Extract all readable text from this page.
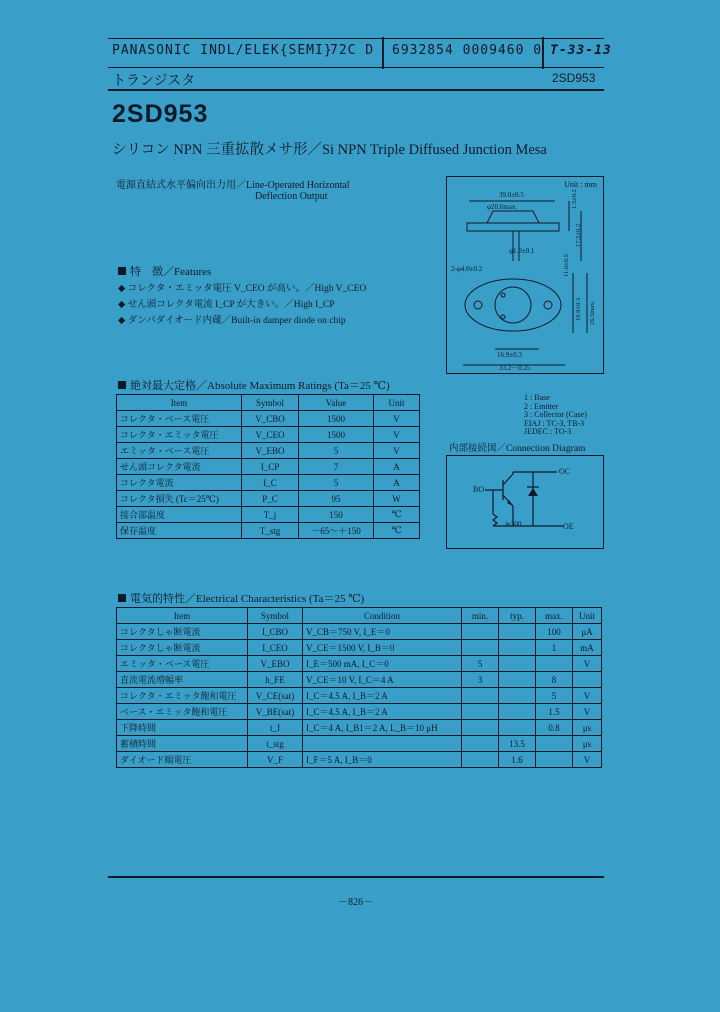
PANASONIC INDL/ELEK{SEMI}
72C D 6932854 0009460 0 T-33-13
トランジスタ	2SD953
2SD953
シリコン NPN 三重拡散メサ形／Si NPN Triple Diffused Junction Mesa
電源直結式水平偏向出力用／Line-Operated Horizontal
Deflection Output
特　徴／Features
◆ コレクタ・エミッタ電圧 V_CEO が高い。／High V_CEO
◆ せん頭コレクタ電流 I_CP が大きい。／High I_CP
◆ ダンパダイオード内蔵／Built-in damper diode on chip
絶対最大定格／Absolute Maximum Ratings (Ta＝25 ℃)
Item	Symbol	Value	Unit
コレクタ・ベース電圧	V_CBO	1500	V
コレクタ・エミッタ電圧	V_CEO	1500	V
エミッタ・ベース電圧	V_EBO	5	V
せん頭コレクタ電流	I_CP	7	A
コレクタ電流	I_C	5	A
コレクタ損失 (Tc＝25℃)	P_C	95	W
接合部温度	T_j	150	℃
保存温度	T_stg	－65～＋150	℃
Unit : mm
39.0±0.5
φ20.6max.
φ1.0±0.1
2-φ4.0±0.2
16.9±0.3
33.2－0.25
1.5±0.2
17.5±0.2
11.0±0.5
10.9±0.3 26.5max.
1 : Base
2 : Emitter
3 : Collector (Case)
EIAJ : TC-3, TB-3
JEDEC : TO-3
内部接続図／Connection Diagram
OC
BO
OE
≒300
電気的特性／Electrical Characteristics (Ta＝25 ℃)
Item	Symbol	Condition	min.	typ.	max.	Unit
コレクタしゃ断電流	I_CBO	V_CB＝750 V, I_E＝0			100	μA
コレクタしゃ断電流	I_CEO	V_CE＝1500 V, I_B＝0			1	mA
エミッタ・ベース電圧	V_EBO	I_E＝500 mA, I_C＝0	5			V
直流電流増幅率	h_FE	V_CE＝10 V, I_C＝4 A	3		8	
コレクタ・エミッタ飽和電圧	V_CE(sat)	I_C＝4.5 A, I_B＝2 A			5	V
ベース・エミッタ飽和電圧	V_BE(sat)	I_C＝4.5 A, I_B＝2 A			1.5	V
下降時間	t_f	I_C＝4 A, I_B1＝2 A, L_B＝10 μH			0.8	μs
蓄積時間	t_stg			13.5		μs
ダイオード順電圧	V_F	I_F＝5 A, I_B＝0		1.6		V
－826－
